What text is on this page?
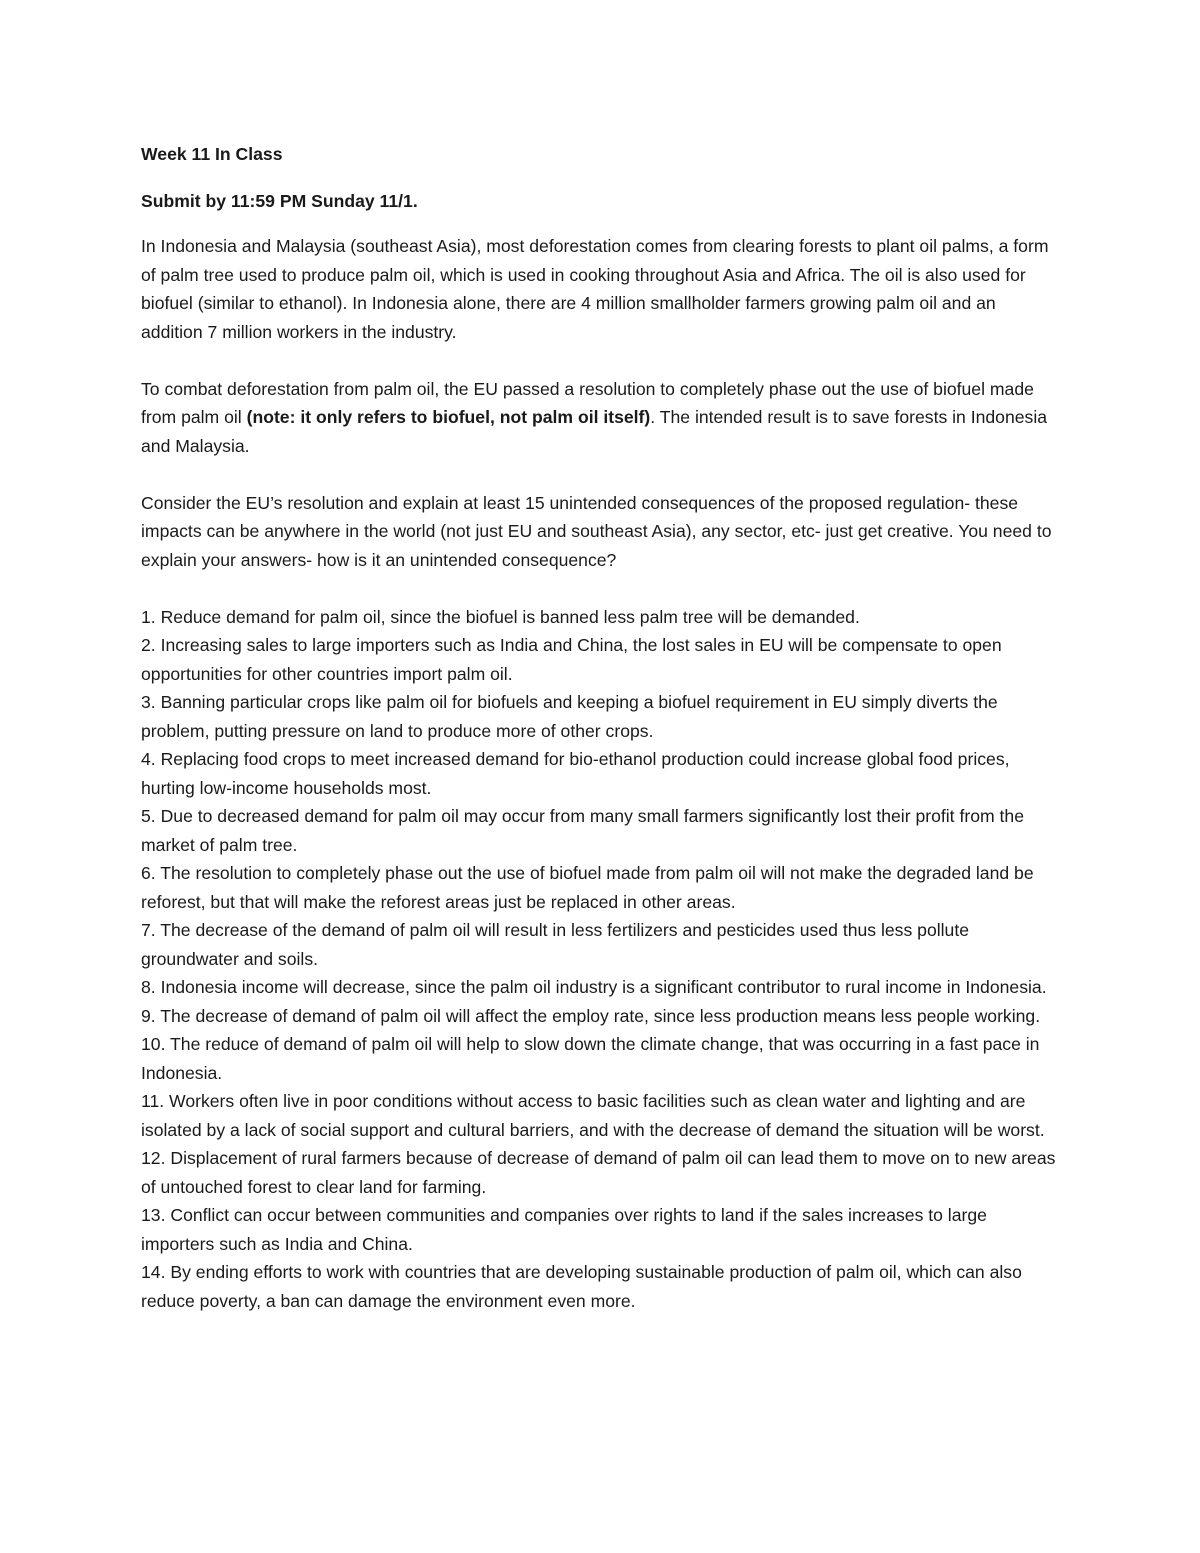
Week 11 In Class
Submit by 11:59 PM Sunday 11/1.

In Indonesia and Malaysia (southeast Asia), most deforestation comes from clearing forests to plant oil palms, a form of palm tree used to produce palm oil, which is used in cooking throughout Asia and Africa. The oil is also used for biofuel (similar to ethanol). In Indonesia alone, there are 4 million smallholder farmers growing palm oil and an addition 7 million workers in the industry.

To combat deforestation from palm oil, the EU passed a resolution to completely phase out the use of biofuel made from palm oil (note: it only refers to biofuel, not palm oil itself). The intended result is to save forests in Indonesia and Malaysia.

Consider the EU’s resolution and explain at least 15 unintended consequences of the proposed regulation- these impacts can be anywhere in the world (not just EU and southeast Asia), any sector, etc- just get creative. You need to explain your answers- how is it an unintended consequence?

1. Reduce demand for palm oil, since the biofuel is banned less palm tree will be demanded.
2. Increasing sales to large importers such as India and China, the lost sales in EU will be compensate to open opportunities for other countries import palm oil.
3. Banning particular crops like palm oil for biofuels and keeping a biofuel requirement in EU simply diverts the problem, putting pressure on land to produce more of other crops.
4. Replacing food crops to meet increased demand for bio-ethanol production could increase global food prices, hurting low-income households most.
5. Due to decreased demand for palm oil may occur from many small farmers significantly lost their profit from the market of palm tree.
6. The resolution to completely phase out the use of biofuel made from palm oil will not make the degraded land be reforest, but that will make the reforest areas just be replaced in other areas.
7. The decrease of the demand of palm oil will result in less fertilizers and pesticides used thus less pollute groundwater and soils.
8. Indonesia income will decrease, since the palm oil industry is a significant contributor to rural income in Indonesia.
9. The decrease of demand of palm oil will affect the employ rate, since less production means less people working.
10. The reduce of demand of palm oil will help to slow down the climate change, that was occurring in a fast pace in Indonesia.
11. Workers often live in poor conditions without access to basic facilities such as clean water and lighting and are isolated by a lack of social support and cultural barriers, and with the decrease of demand the situation will be worst.
12. Displacement of rural farmers because of decrease of demand of palm oil can lead them to move on to new areas of untouched forest to clear land for farming.
13. Conflict can occur between communities and companies over rights to land if the sales increases to large importers such as India and China.
14. By ending efforts to work with countries that are developing sustainable production of palm oil, which can also reduce poverty, a ban can damage the environment even more.
